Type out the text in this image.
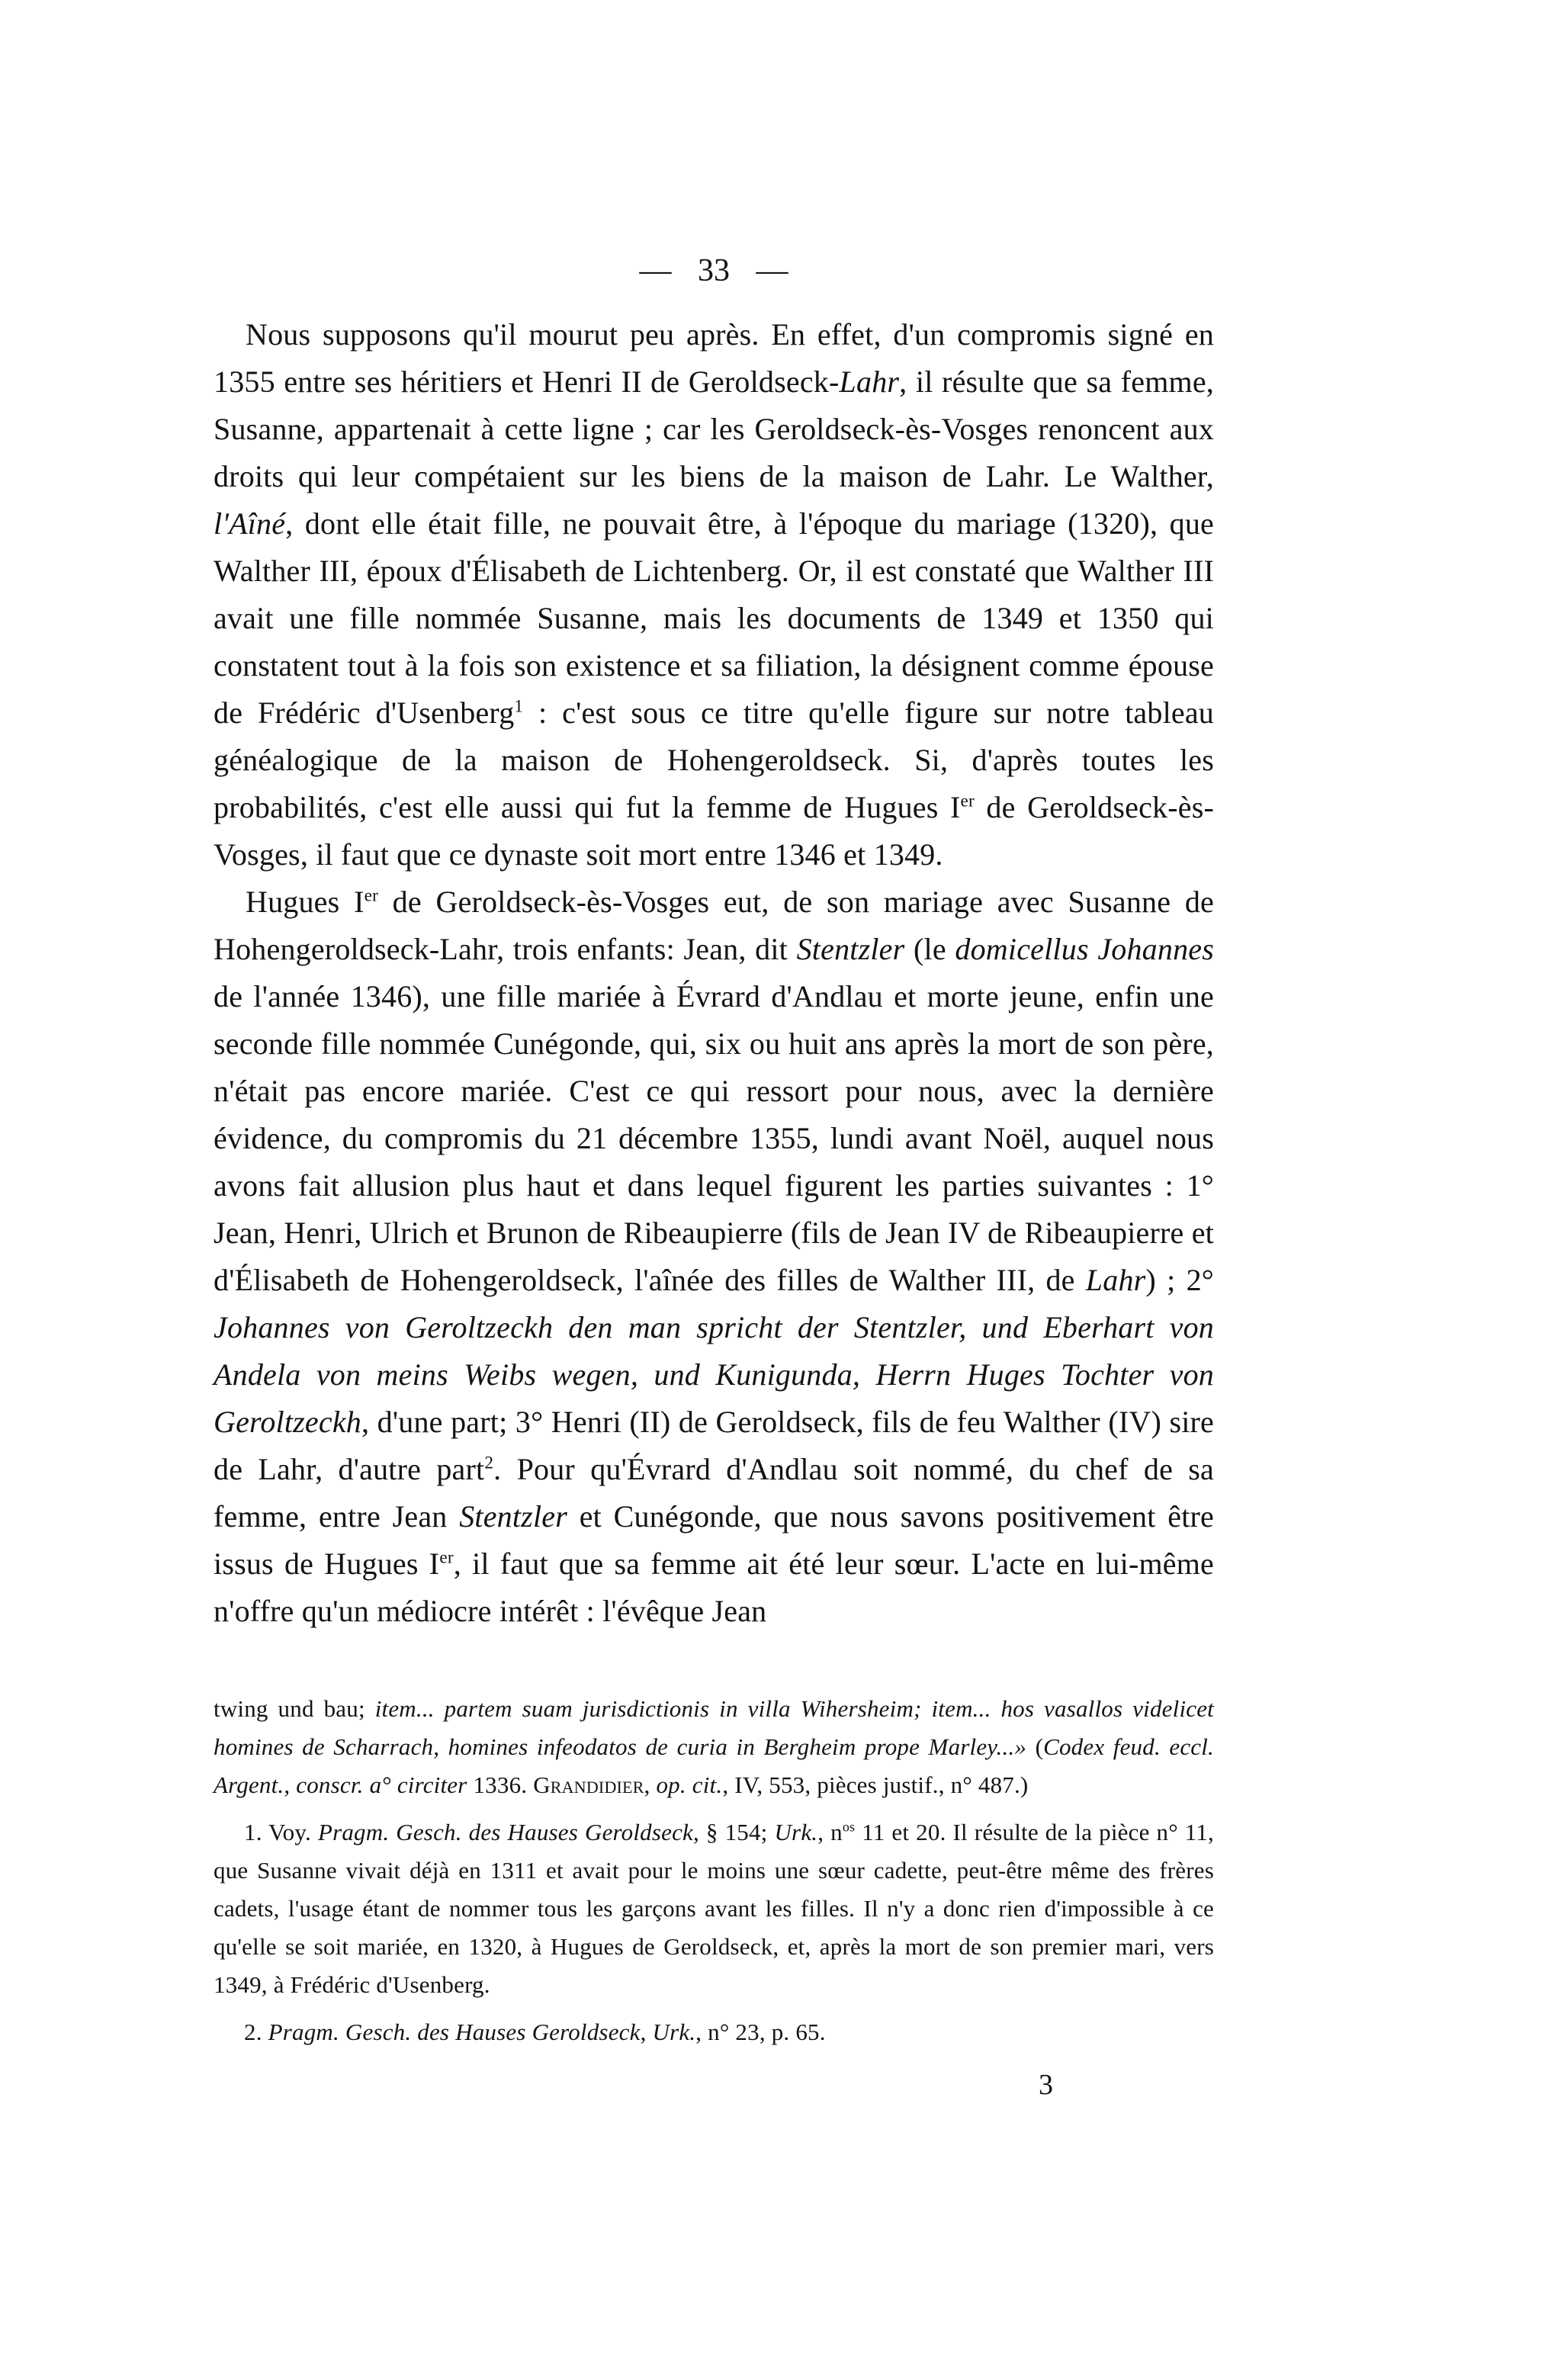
— 33 —

Nous supposons qu'il mourut peu après. En effet, d'un compromis signé en 1355 entre ses héritiers et Henri II de Geroldseck-Lahr, il résulte que sa femme, Susanne, appartenait à cette ligne ; car les Geroldseck-ès-Vosges renoncent aux droits qui leur compétaient sur les biens de la maison de Lahr. Le Walther, l'Aîné, dont elle était fille, ne pouvait être, à l'époque du mariage (1320), que Walther III, époux d'Élisabeth de Lichtenberg. Or, il est constaté que Walther III avait une fille nommée Susanne, mais les documents de 1349 et 1350 qui constatent tout à la fois son existence et sa filiation, la désignent comme épouse de Frédéric d'Usenberg$^1$ : c'est sous ce titre qu'elle figure sur notre tableau généalogique de la maison de Hohengeroldseck. Si, d'après toutes les probabilités, c'est elle aussi qui fut la femme de Hugues Ier de Geroldseck-ès-Vosges, il faut que ce dynaste soit mort entre 1346 et 1349.

Hugues Ier de Geroldseck-ès-Vosges eut, de son mariage avec Susanne de Hohengeroldseck-Lahr, trois enfants: Jean, dit Stentzler (le domicellus Johannes de l'année 1346), une fille mariée à Évrard d'Andlau et morte jeune, enfin une seconde fille nommée Cunégonde, qui, six ou huit ans après la mort de son père, n'était pas encore mariée. C'est ce qui ressort pour nous, avec la dernière évidence, du compromis du 21 décembre 1355, lundi avant Noël, auquel nous avons fait allusion plus haut et dans lequel figurent les parties suivantes : 1° Jean, Henri, Ulrich et Brunon de Ribeaupierre (fils de Jean IV de Ribeaupierre et d'Élisabeth de Hohengeroldseck, l'aînée des filles de Walther III, de Lahr) ; 2° Johannes von Geroltzeckh den man spricht der Stentzler, und Eberhart von Andela von meins Weibs wegen, und Kunigunda, Herrn Huges Tochter von Geroltzeckh, d'une part; 3° Henri (II) de Geroldseck, fils de feu Walther (IV) sire de Lahr, d'autre part$^2$. Pour qu'Évrard d'Andlau soit nommé, du chef de sa femme, entre Jean Stentzler et Cunégonde, que nous savons positivement être issus de Hugues Ier, il faut que sa femme ait été leur sœur. L'acte en lui-même n'offre qu'un médiocre intérêt : l'évêque Jean

twing und bau; item... partem suam jurisdictionis in villa Wihersheim; item... hos vasallos videlicet homines de Scharrach, homines infeodatos de curia in Bergheim prope Marley...» (Codex feud. eccl. Argent., conscr. a° circiter 1336. Grandidier, op. cit., IV, 553, pièces justif., n° 487.)

1. Voy. Pragm. Gesch. des Hauses Geroldseck, § 154; Urk., $n^{os}$ 11 et 20. Il résulte de la pièce n° 11, que Susanne vivait déjà en 1311 et avait pour le moins une sœur cadette, peut-être même des frères cadets, l'usage étant de nommer tous les garçons avant les filles. Il n'y a donc rien d'impossible à ce qu'elle se soit mariée, en 1320, à Hugues de Geroldseck, et, après la mort de son premier mari, vers 1349, à Frédéric d'Usenberg.

2. Pragm. Gesch. des Hauses Geroldseck, Urk., n° 23, p. 65.

3
